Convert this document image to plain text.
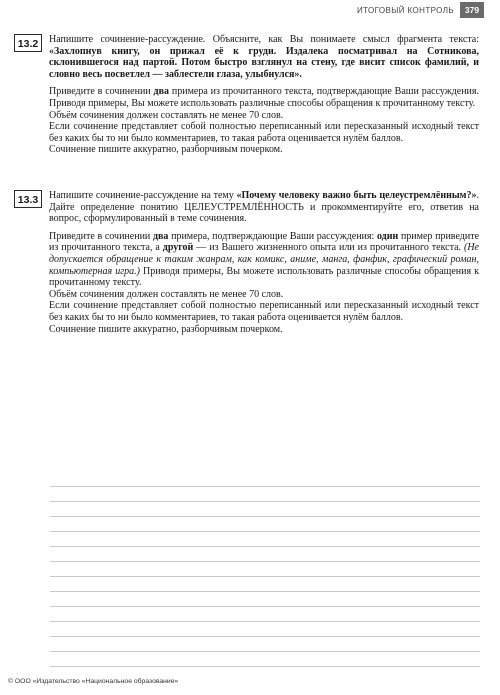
ИТОГОВЫЙ КОНТРОЛЬ	379
13.2	Напишите сочинение-рассуждение. Объясните, как Вы понимаете смысл фрагмента текста: «Захлопнув книгу, он прижал её к груди. Издалека посматривал на Сотникова, склонившегося над партой. Потом быстро взглянул на стену, где висит список фамилий, и словно весь посветлел — заблестели глаза, улыбнулся».

Приведите в сочинении два примера из прочитанного текста, подтверждающие Ваши рассуждения. Приводя примеры, Вы можете использовать различные способы обращения к прочитанному тексту.

Объём сочинения должен составлять не менее 70 слов.

Если сочинение представляет собой полностью переписанный или пересказанный исходный текст без каких бы то ни было комментариев, то такая работа оценивается нулём баллов.

Сочинение пишите аккуратно, разборчивым почерком.

13.3	Напишите сочинение-рассуждение на тему «Почему человеку важно быть целеустремлённым?». Дайте определение понятию ЦЕЛЕУСТРЕМЛЁННОСТЬ и прокомментируйте его, ответив на вопрос, сформулированный в теме сочинения.

Приведите в сочинении два примера, подтверждающие Ваши рассуждения: один пример приведите из прочитанного текста, а другой — из Вашего жизненного опыта или из прочитанного текста. (Не допускается обращение к таким жанрам, как комикс, аниме, манга, фанфик, графический роман, компьютерная игра.) Приводя примеры, Вы можете использовать различные способы обращения к прочитанному тексту.

Объём сочинения должен составлять не менее 70 слов.

Если сочинение представляет собой полностью переписанный или пересказанный исходный текст без каких бы то ни было комментариев, то такая работа оценивается нулём баллов.

Сочинение пишите аккуратно, разборчивым почерком.

© ООО «Издательство «Национальное образование»
